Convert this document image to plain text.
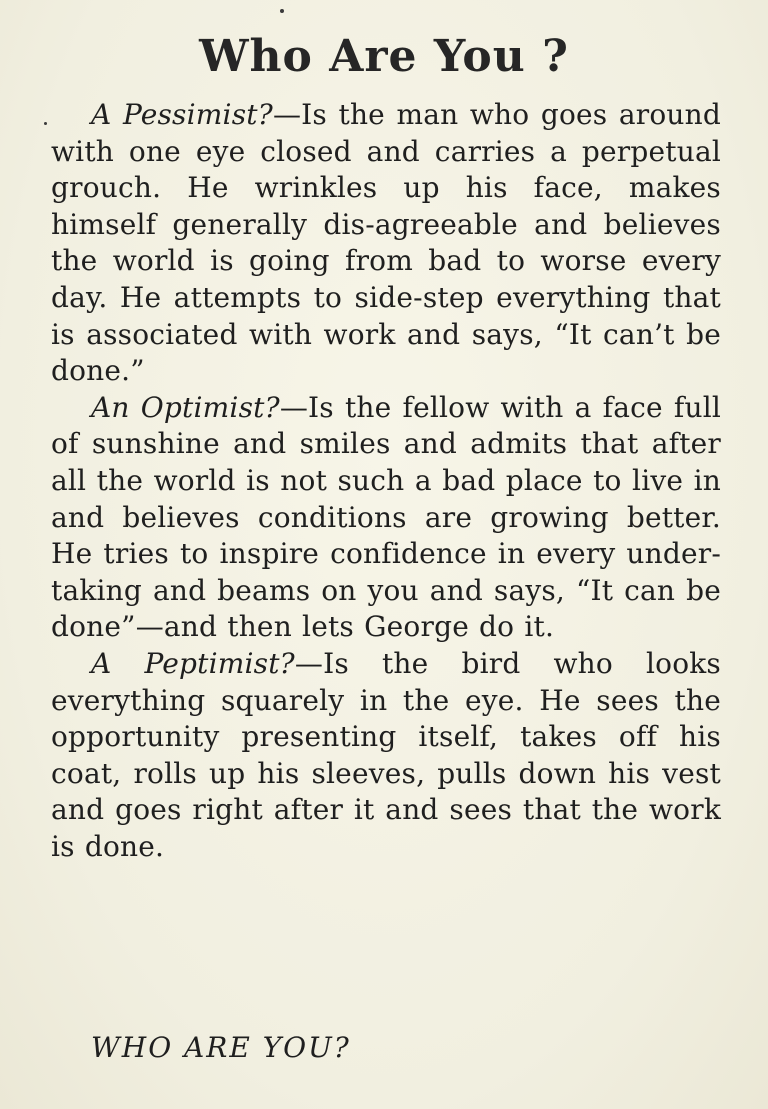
Who Are You ?

A Pessimist?—Is the man who goes around with one eye closed and carries a perpetual grouch. He wrinkles up his face, makes himself generally dis-agreeable and believes the world is going from bad to worse every day. He attempts to side-step everything that is associated with work and says, “It can’t be done.”

An Optimist?—Is the fellow with a face full of sunshine and smiles and admits that after all the world is not such a bad place to live in and believes conditions are growing better. He tries to inspire confidence in every under-taking and beams on you and says, “It can be done”—and then lets George do it.

A Peptimist?—Is the bird who looks everything squarely in the eye. He sees the opportunity presenting itself, takes off his coat, rolls up his sleeves, pulls down his vest and goes right after it and sees that the work is done.

WHO ARE YOU?
